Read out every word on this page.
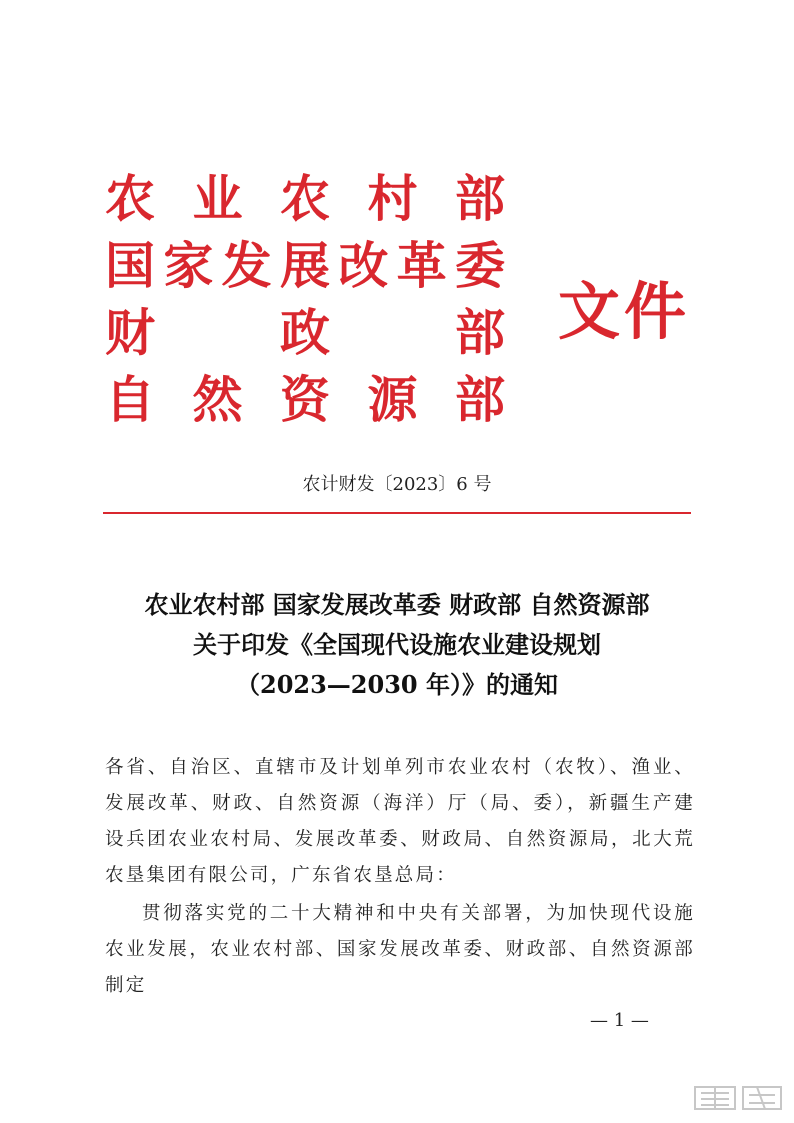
农 业 农 村 部
国 家 发 展 改 革 委
财	政	部
自 然 资 源 部
文件
农计财发〔2023〕6 号
农业农村部 国家发展改革委 财政部 自然资源部
关于印发《全国现代设施农业建设规划
（2023—2030 年）》的通知

各省、自治区、直辖市及计划单列市农业农村（农牧）、渔业、发展改革、财政、自然资源（海洋）厅（局、委），新疆生产建设兵团农业农村局、发展改革委、财政局、自然资源局，北大荒农垦集团有限公司，广东省农垦总局：

贯彻落实党的二十大精神和中央有关部署，为加快现代设施农业发展，农业农村部、国家发展改革委、财政部、自然资源部制定

— 1 —
